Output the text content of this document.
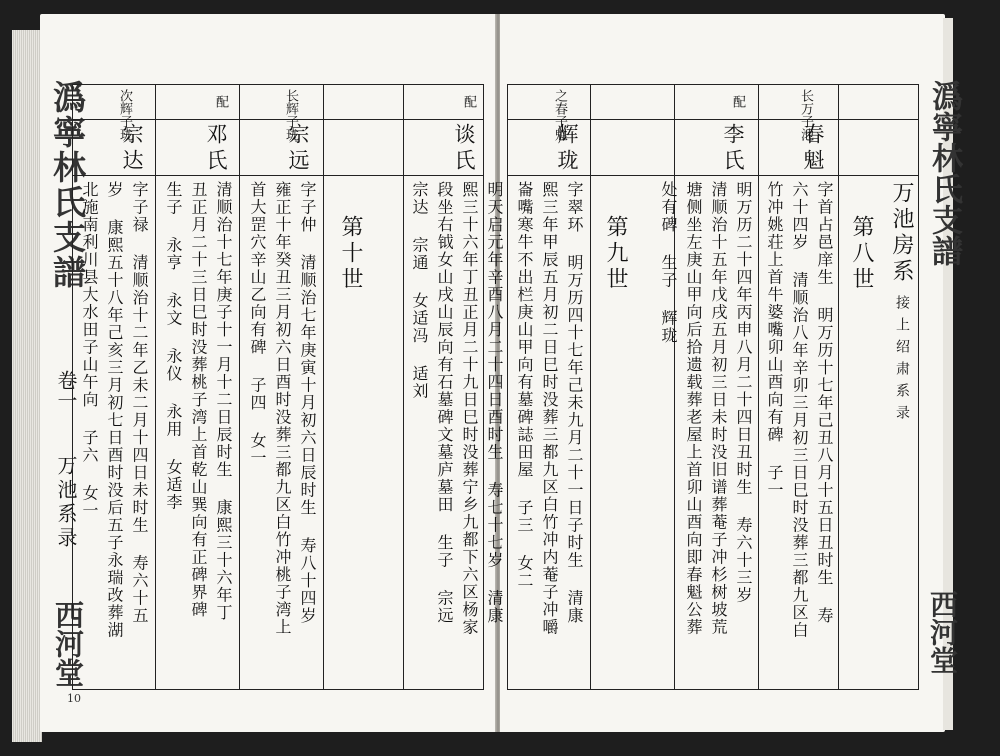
潙寧林氏支譜
卷一
万池系录
西河堂
10
次辉子珑
宗达
字子禄 清顺治十二年乙未二月十四日未时生 寿六十五
岁 康熙五十八年己亥三月初七日酉时没后五子永瑞改葬湖
北施南利川县大水田子山午向 子六 女一
配
邓氏
清顺治十七年庚子十一月十二日辰时生 康熙三十六年丁
丑正月二十三日巳时没葬桃子湾上首乾山巽向有正碑界碑
生子 永亨 永文 永仪 永用 女适李
长辉子珑
宗远
字子仲 清顺治七年庚寅十月初六日辰时生 寿八十四岁
雍正十年癸丑三月初六日酉时没葬三都九区白竹冲桃子湾上
首大罡穴辛山乙向有碑 子四 女一	第十世
配
谈氏
明天启元年辛酉八月二十四日酉时生 寿七十七岁 清康
熙三十六年丁丑正月二十九日巳时没葬宁乡九都下六区杨家
段坐右钺女山戌山辰向有石墓碑文墓庐墓田 生子 宗远
宗达 宗通 女适冯 适刘
之春子魁
辉珑
字翠环 明万历四十七年己未九月二十一日子时生 清康
熙三年甲辰五月初二日巳时没葬三都九区白竹冲内菴子冲嚼
崙嘴寒牛不出栏庚山甲向有墓碑誌田屋 子三 女二	第九世
配
李氏
明万历二十四年丙申八月二十四日丑时生 寿六十三岁
清顺治十五年戊戌五月初三日未时没旧谱葬菴子冲杉树坡荒
塘侧坐左庚山甲向后拾遗载葬老屋上首卯山酉向即春魁公葬
处有碑 生子 辉珑
长万子池
春魁
字首占邑庠生 明万历十七年己丑八月十五日丑时生 寿
六十四岁 清顺治八年辛卯三月初三日巳时没葬三都九区白
竹冲姚荘上首牛婆嘴卯山酉向有碑 子一	第八世 万池房系
接上绍肃系录
潙寧林氏支譜
西河堂
